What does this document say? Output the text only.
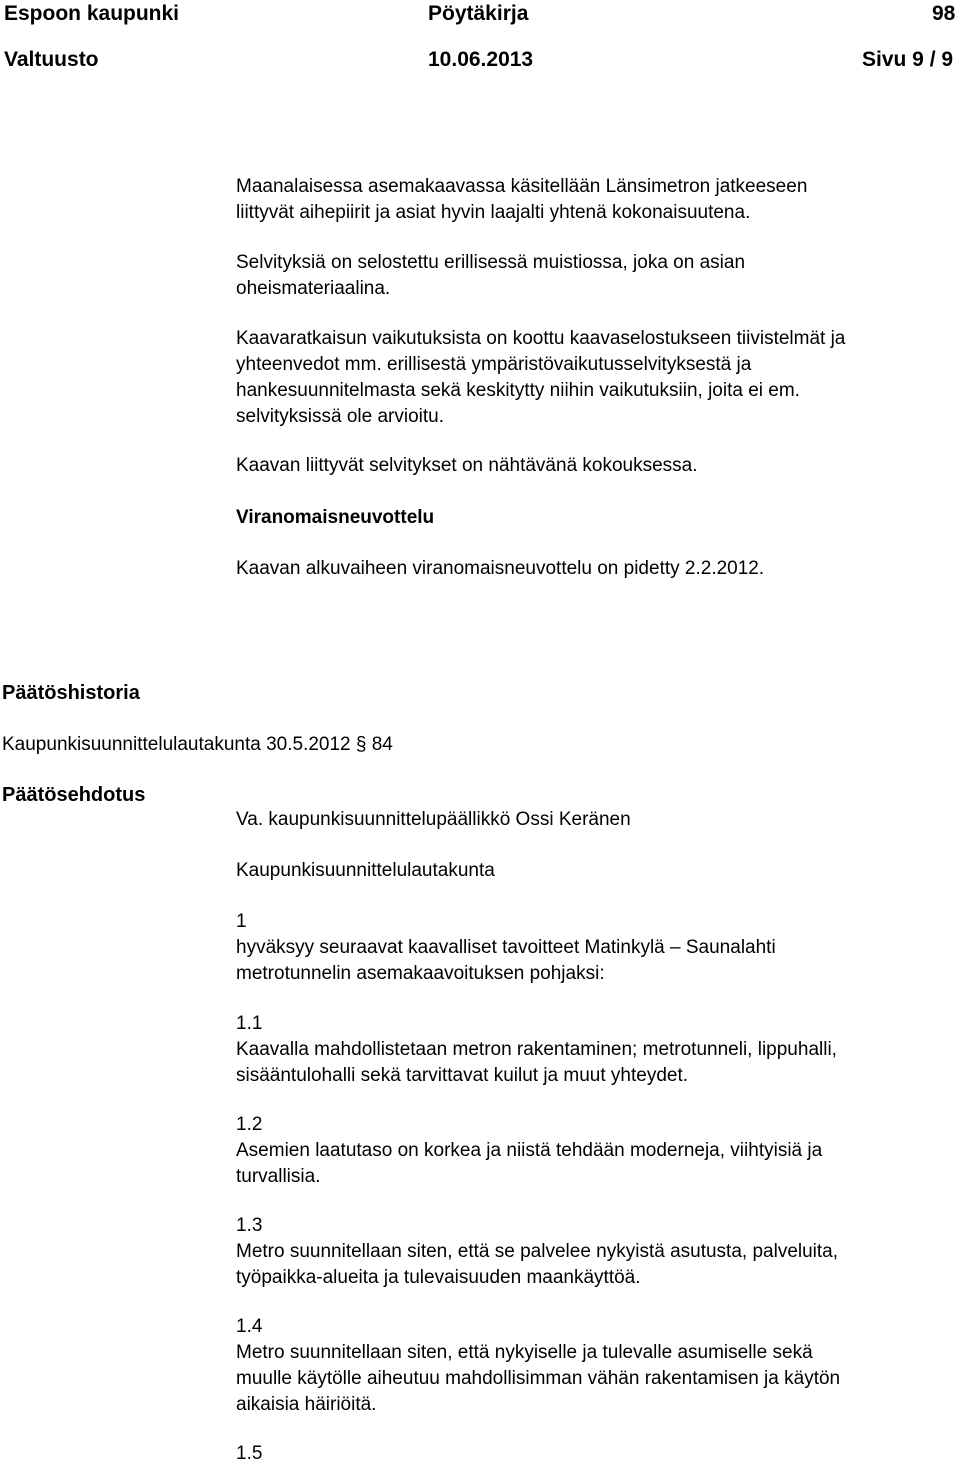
Espoon kaupunki	Pöytäkirja	98
Valtuusto	10.06.2013	Sivu 9 / 9
Maanalaisessa asemakaavassa käsitellään Länsimetron jatkeeseen
liittyvät aihepiirit ja asiat hyvin laajalti yhtenä kokonaisuutena.
Selvityksiä on selostettu erillisessä muistiossa, joka on asian
oheismateriaalina.
Kaavaratkaisun vaikutuksista on koottu kaavaselostukseen tiivistelmät ja
yhteenvedot mm. erillisestä ympäristövaikutusselvityksestä ja
hankesuunnitelmasta sekä keskitytty niihin vaikutuksiin, joita ei em.
selvityksissä ole arvioitu.
Kaavan liittyvät selvitykset on nähtävänä kokouksessa.
Viranomaisneuvottelu
Kaavan alkuvaiheen viranomaisneuvottelu on pidetty 2.2.2012.
Päätöshistoria
Kaupunkisuunnittelulautakunta 30.5.2012 § 84
Päätösehdotus
Va. kaupunkisuunnittelupäällikkö Ossi Keränen
Kaupunkisuunnittelulautakunta
1
hyväksyy seuraavat kaavalliset tavoitteet Matinkylä – Saunalahti
metrotunnelin asemakaavoituksen pohjaksi:
1.1
Kaavalla mahdollistetaan metron rakentaminen; metrotunneli, lippuhalli,
sisääntulohalli sekä tarvittavat kuilut ja muut yhteydet.
1.2
Asemien laatutaso on korkea ja niistä tehdään moderneja, viihtyisiä ja
turvallisia.
1.3
Metro suunnitellaan siten, että se palvelee nykyistä asutusta, palveluita,
työpaikka-alueita ja tulevaisuuden maankäyttöä.
1.4
Metro suunnitellaan siten, että nykyiselle ja tulevalle asumiselle sekä
muulle käytölle aiheutuu mahdollisimman vähän rakentamisen ja käytön
aikaisia häiriöitä.
1.5
